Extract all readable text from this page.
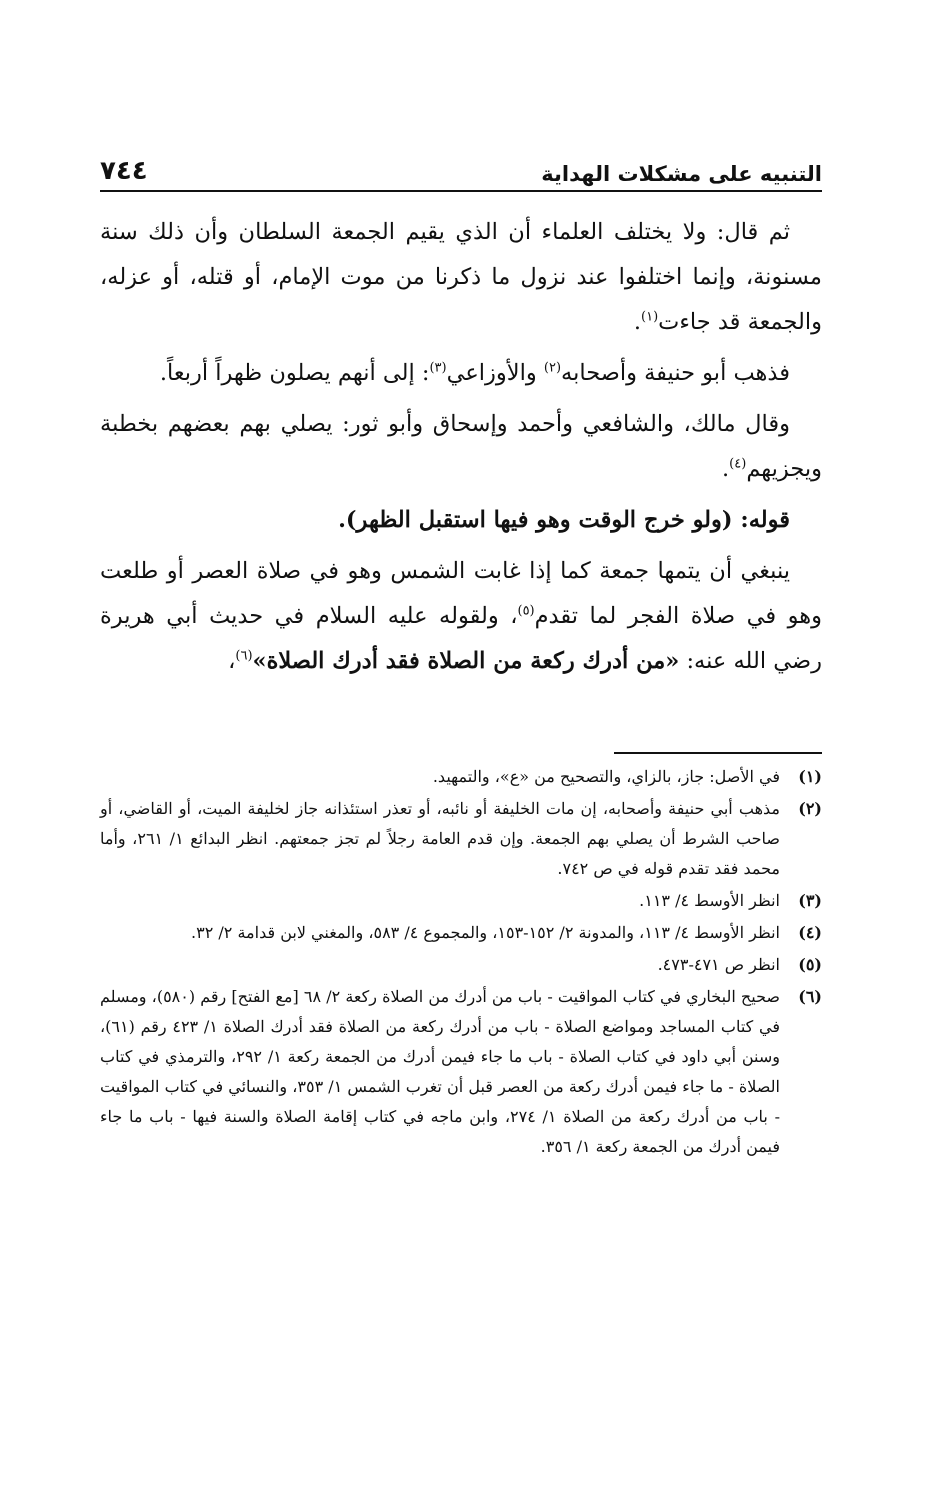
التنبيه على مشكلات الهداية
٧٤٤

ثم قال: ولا يختلف العلماء أن الذي يقيم الجمعة السلطان وأن ذلك سنة مسنونة، وإنما اختلفوا عند نزول ما ذكرنا من موت الإمام، أو قتله، أو عزله، والجمعة قد جاءت$^{(١)}$.

فذهب أبو حنيفة وأصحابه$^{(٢)}$ والأوزاعي$^{(٣)}$: إلى أنهم يصلون ظهراً أربعاً.

وقال مالك، والشافعي وأحمد وإسحاق وأبو ثور: يصلي بهم بعضهم بخطبة ويجزيهم$^{(٤)}$.

قوله: (ولو خرج الوقت وهو فيها استقبل الظهر).

ينبغي أن يتمها جمعة كما إذا غابت الشمس وهو في صلاة العصر أو طلعت وهو في صلاة الفجر لما تقدم$^{(٥)}$، ولقوله عليه السلام في حديث أبي هريرة رضي الله عنه: «من أدرك ركعة من الصلاة فقد أدرك الصلاة»$^{(٦)}$،

(١)
في الأصل: جاز، بالزاي، والتصحيح من «ع»، والتمهيد.
(٢)
مذهب أبي حنيفة وأصحابه، إن مات الخليفة أو نائبه، أو تعذر استئذانه جاز لخليفة الميت، أو القاضي، أو صاحب الشرط أن يصلي بهم الجمعة. وإن قدم العامة رجلاً لم تجز جمعتهم. انظر البدائع ١/ ٢٦١، وأما محمد فقد تقدم قوله في ص ٧٤٢.
(٣)
انظر الأوسط ٤/ ١١٣.
(٤)
انظر الأوسط ٤/ ١١٣، والمدونة ٢/ ١٥٢-١٥٣، والمجموع ٤/ ٥٨٣، والمغني لابن قدامة ٢/ ٣٢.
(٥)
انظر ص ٤٧١-٤٧٣.
(٦)
صحيح البخاري في كتاب المواقيت - باب من أدرك من الصلاة ركعة ٢/ ٦٨ [مع الفتح] رقم (٥٨٠)، ومسلم في كتاب المساجد ومواضع الصلاة - باب من أدرك ركعة من الصلاة فقد أدرك الصلاة ١/ ٤٢٣ رقم (٦١)، وسنن أبي داود في كتاب الصلاة - باب ما جاء فيمن أدرك من الجمعة ركعة ١/ ٢٩٢، والترمذي في كتاب الصلاة - ما جاء فيمن أدرك ركعة من العصر قبل أن تغرب الشمس ١/ ٣٥٣، والنسائي في كتاب المواقيت - باب من أدرك ركعة من الصلاة ١/ ٢٧٤، وابن ماجه في كتاب إقامة الصلاة والسنة فيها - باب ما جاء فيمن أدرك من الجمعة ركعة ١/ ٣٥٦.
